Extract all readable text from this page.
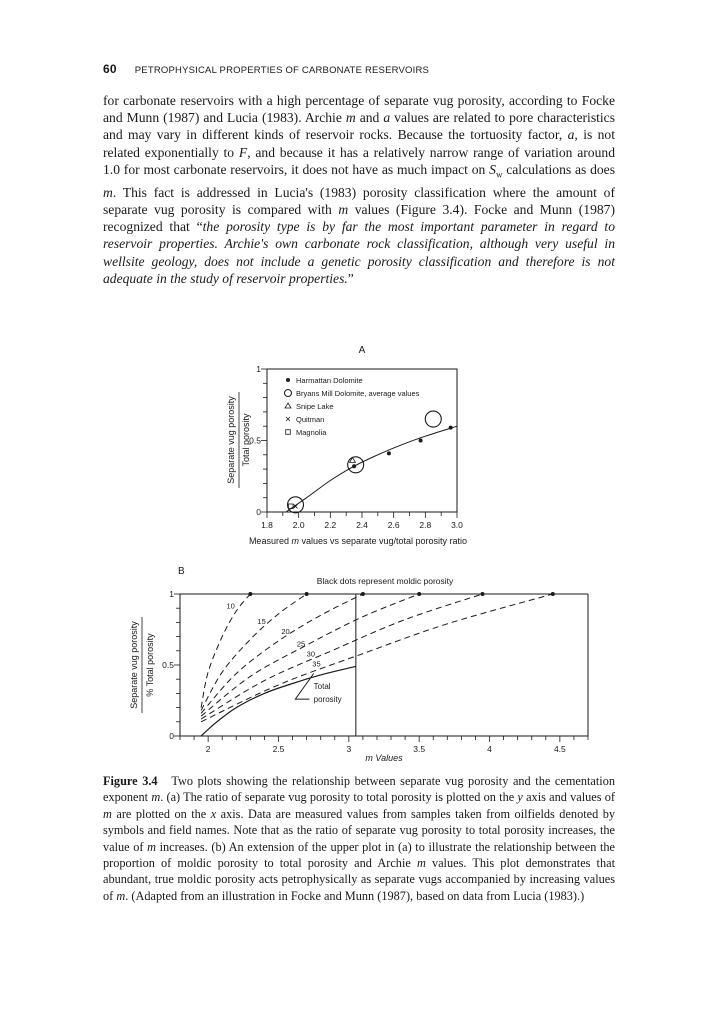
60 PETROPHYSICAL PROPERTIES OF CARBONATE RESERVOIRS

for carbonate reservoirs with a high percentage of separate vug porosity, according to Focke and Munn (1987) and Lucia (1983). Archie m and a values are related to pore characteristics and may vary in different kinds of reservoir rocks. Because the tortuosity factor, a, is not related exponentially to F, and because it has a relatively narrow range of variation around 1.0 for most carbonate reservoirs, it does not have as much impact on $S_w$ calculations as does m. This fact is addressed in Lucia's (1983) porosity classification where the amount of separate vug porosity is compared with m values (Figure 3.4). Focke and Munn (1987) recognized that “the porosity type is by far the most important parameter in regard to reservoir properties. Archie's own carbonate rock classification, although very useful in wellsite geology, does not include a genetic porosity classification and therefore is not adequate in the study of reservoir properties.”

A
1.8 2.0 2.2 2.4 2.6 2.8 3.0
0
0.5
1
Separate vug porosity Total porosity
Measured m values vs separate vug/total porosity ratio
Harmattan Dolomite
Bryans Mill Dolomite, average values
Snipe Lake
Quitman
Magnolia
B
Black dots represent moldic porosity
2	2.5	3	3.5	4	4.5
0
0.5
1
Separate vug porosity % Total porosity
m Values
10
15
20
25
30
35
Total
porosity

Figure 3.4 Two plots showing the relationship between separate vug porosity and the cementation exponent m. (a) The ratio of separate vug porosity to total porosity is plotted on the y axis and values of m are plotted on the x axis. Data are measured values from samples taken from oilfields denoted by symbols and field names. Note that as the ratio of separate vug porosity to total porosity increases, the value of m increases. (b) An extension of the upper plot in (a) to illustrate the relationship between the proportion of moldic porosity to total porosity and Archie m values. This plot demonstrates that abundant, true moldic porosity acts petrophysically as separate vugs accompanied by increasing values of m. (Adapted from an illustration in Focke and Munn (1987), based on data from Lucia (1983).)
